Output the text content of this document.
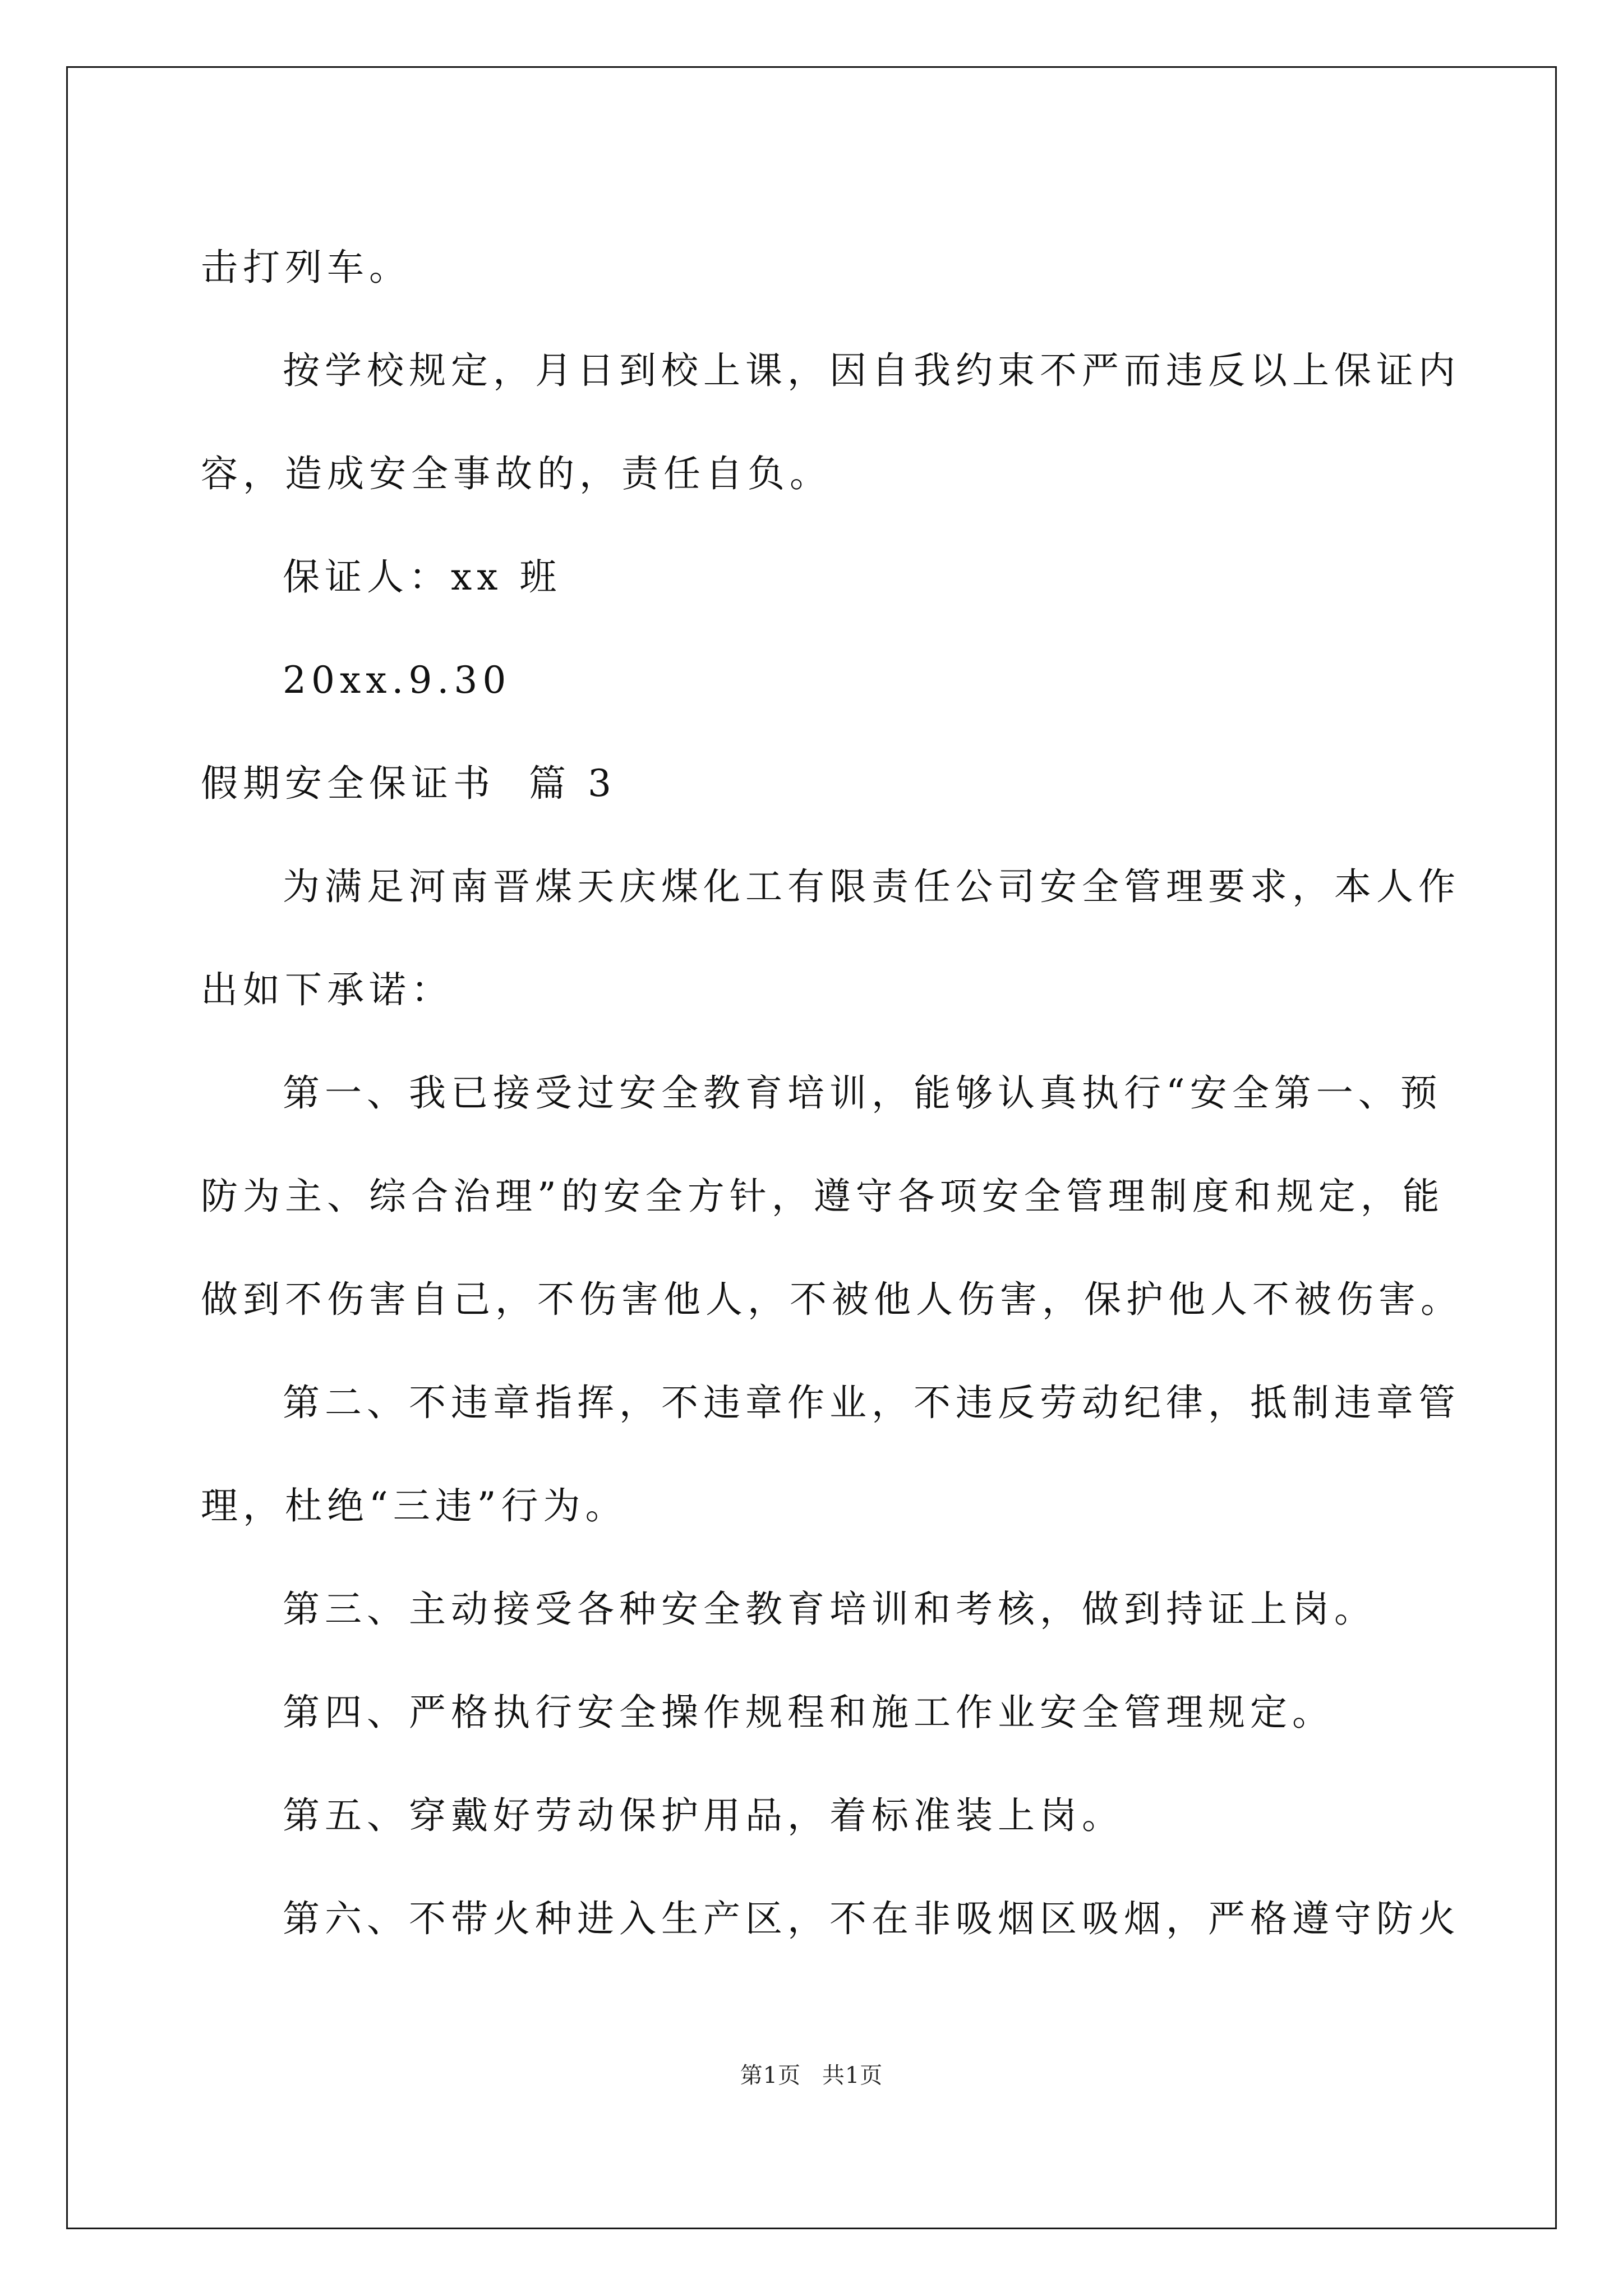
击打列车。

按学校规定，月日到校上课，因自我约束不严而违反以上保证内

容，造成安全事故的，责任自负。

保证人：xx 班

20xx.9.30

假期安全保证书  篇 3

为满足河南晋煤天庆煤化工有限责任公司安全管理要求，本人作

出如下承诺：

第一、我已接受过安全教育培训，能够认真执行“安全第一、预

防为主、综合治理”的安全方针，遵守各项安全管理制度和规定，能

做到不伤害自己，不伤害他人，不被他人伤害，保护他人不被伤害。

第二、不违章指挥，不违章作业，不违反劳动纪律，抵制违章管

理，杜绝“三违”行为。

第三、主动接受各种安全教育培训和考核，做到持证上岗。

第四、严格执行安全操作规程和施工作业安全管理规定。

第五、穿戴好劳动保护用品，着标准装上岗。

第六、不带火种进入生产区，不在非吸烟区吸烟，严格遵守防火

第1页 共1页
